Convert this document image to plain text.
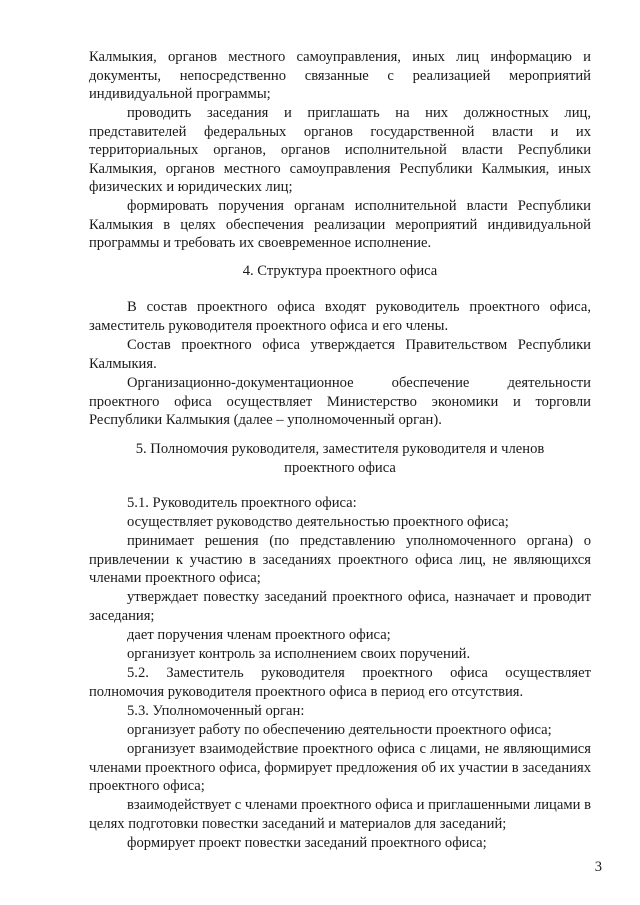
Калмыкия, органов местного самоуправления, иных лиц информацию и документы, непосредственно связанные с реализацией мероприятий индивидуальной программы;

проводить заседания и приглашать на них должностных лиц, представителей федеральных органов государственной власти и их территориальных органов, органов исполнительной власти Республики Калмыкия, органов местного самоуправления Республики Калмыкия, иных физических и юридических лиц;

формировать поручения органам исполнительной власти Республики Калмыкия в целях обеспечения реализации мероприятий индивидуальной программы и требовать их своевременное исполнение.

4. Структура проектного офиса

В состав проектного офиса входят руководитель проектного офиса, заместитель руководителя проектного офиса и его члены.

Состав проектного офиса утверждается Правительством Республики Калмыкия.

Организационно-документационное обеспечение деятельности проектного офиса осуществляет Министерство экономики и торговли Республики Калмыкия (далее – уполномоченный орган).

5. Полномочия руководителя, заместителя руководителя и членов

проектного офиса

5.1. Руководитель проектного офиса:

осуществляет руководство деятельностью проектного офиса;

принимает решения (по представлению уполномоченного органа) о привлечении к участию в заседаниях проектного офиса лиц, не являющихся членами проектного офиса;

утверждает повестку заседаний проектного офиса, назначает и проводит заседания;

дает поручения членам проектного офиса;

организует контроль за исполнением своих поручений.

5.2. Заместитель руководителя проектного офиса осуществляет полномочия руководителя проектного офиса в период его отсутствия.

5.3. Уполномоченный орган:

организует работу по обеспечению деятельности проектного офиса;

организует взаимодействие проектного офиса с лицами, не являющимися членами проектного офиса, формирует предложения об их участии в заседаниях проектного офиса;

взаимодействует с членами проектного офиса и приглашенными лицами в целях подготовки повестки заседаний и материалов для заседаний;

формирует проект повестки заседаний проектного офиса;

3
